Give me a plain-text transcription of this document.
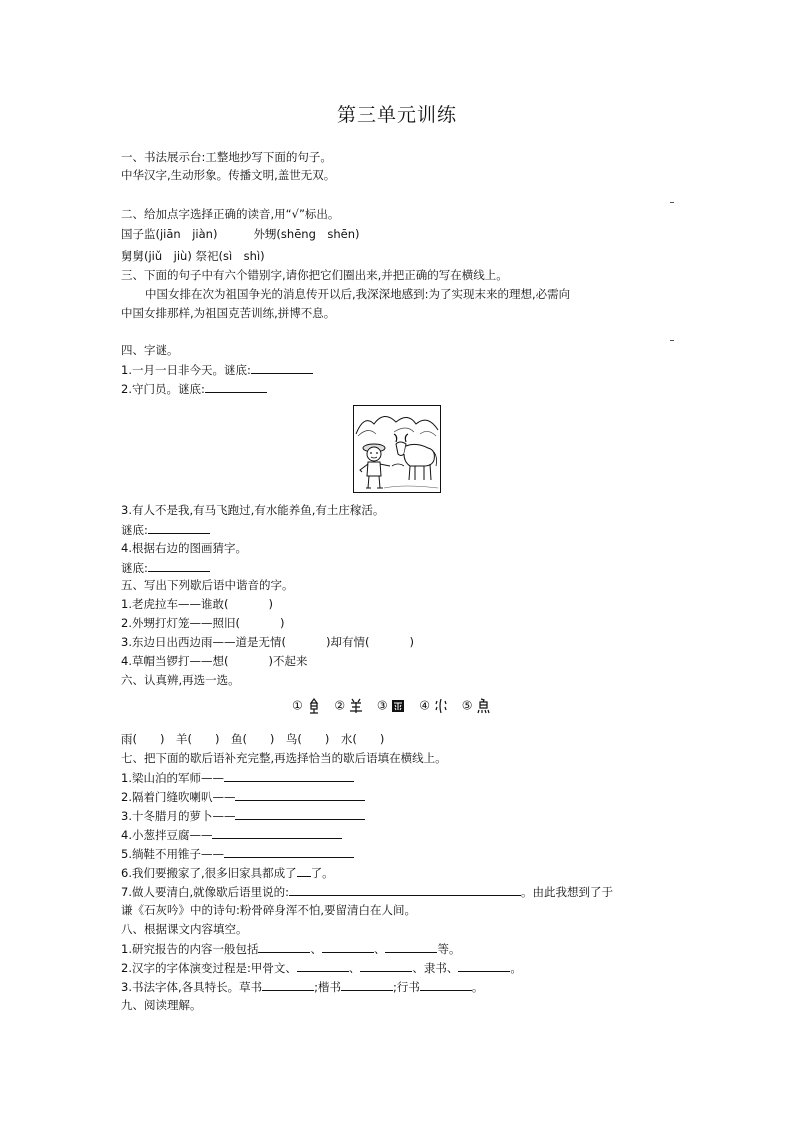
第三单元训练
一、书法展示台:工整地抄写下面的句子。
中华汉字,生动形象。传播文明,盖世无双。
二、给加点字选择正确的读音,用“√”标出。
国子监(jiān　jiàn)	外甥(shēng　shēn)
舅舅(jiǔ　jiù) 祭祀(sì　shì)
三、下面的句子中有六个错别字,请你把它们圈出来,并把正确的写在横线上。
中国女排在次为祖国争光的消息传开以后,我深深地感到:为了实现末来的理想,必需向
中国女排那样,为祖国克苦训练,拼博不息。
四、字谜。
1.一月一日非今天。谜底:
2.守门员。谜底:
3.有人不是我,有马飞跑过,有水能养鱼,有土庄稼活。
谜底:
4.根据右边的图画猜字。
谜底:
五、写出下列歇后语中谐音的字。
1.老虎拉车——谁敢(	)
2.外甥打灯笼——照旧(	)
3.东边日出西边雨——道是无情(	)却有情(	)
4.草帽当锣打——想(	)不起来
六、认真辨,再选一选。
①	②	③	④	⑤
雨(　　)　羊(　　)　鱼(　　)　鸟(　　)　水(　　)
七、把下面的歇后语补充完整,再选择恰当的歇后语填在横线上。
1.梁山泊的军师——
2.隔着门缝吹喇叭——
3.十冬腊月的萝卜——
4.小葱拌豆腐——
5.绱鞋不用锥子——
6.我们要搬家了,很多旧家具都成了 了。
7.做人要清白,就像歇后语里说的:	。由此我想到了于
谦《石灰吟》中的诗句:粉骨碎身浑不怕,要留清白在人间。
八、根据课文内容填空。
1.研究报告的内容一般包括	、	、	等。
2.汉字的字体演变过程是:甲骨文、	、	、隶书、	。
3.书法字体,各具特长。草书	;楷书	;行书	。
九、阅读理解。
